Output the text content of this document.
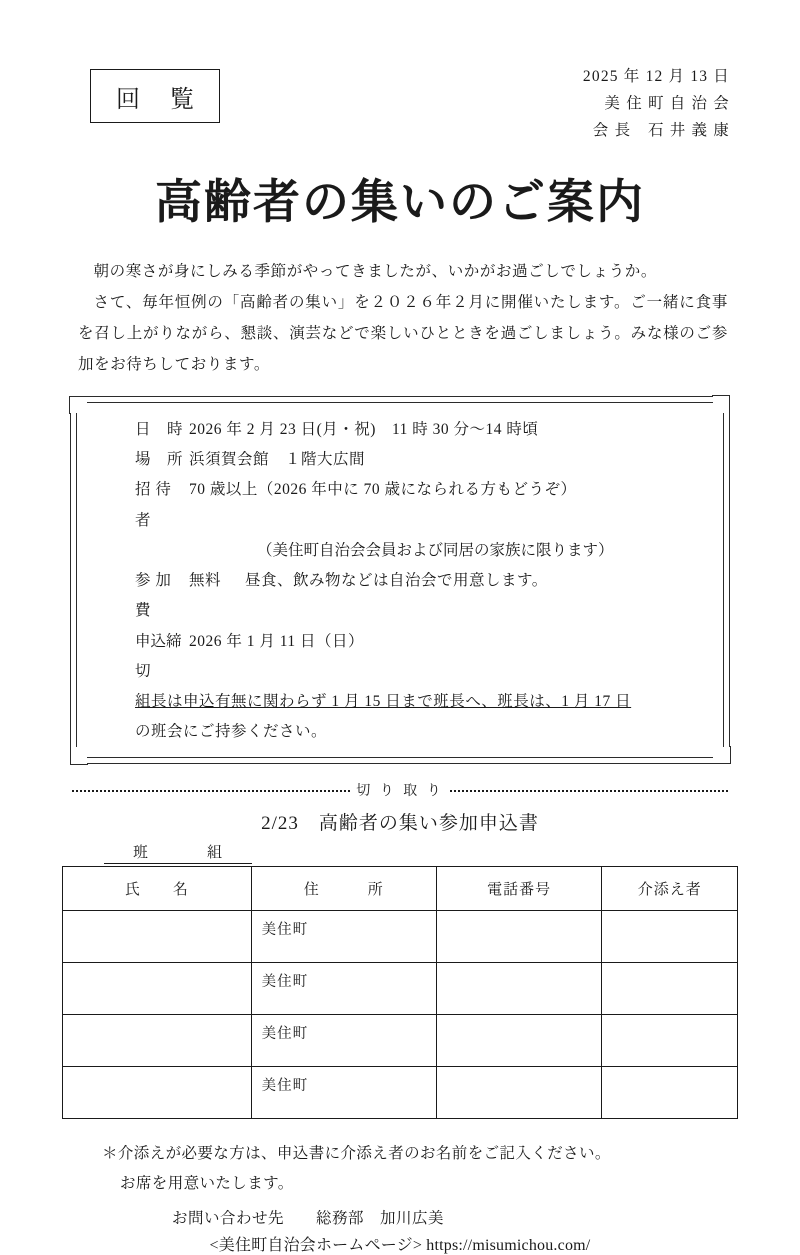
回 覧
2025 年 12 月 13 日
美 住 町 自 治 会
会 長　石 井 義 康
高齢者の集いのご案内

朝の寒さが身にしみる季節がやってきましたが、いかがお過ごしでしょうか。

さて、毎年恒例の「高齢者の集い」を２０２６年２月に開催いたします。ご一緒に食事を召し上がりながら、懇談、演芸などで楽しいひとときを過ごしましょう。みな様のご参加をお待ちしております。

日　時 2026 年 2 月 23 日(月・祝)　11 時 30 分〜14 時頃
場　所 浜須賀会館　１階大広間
招 待 者
70 歳以上（2026 年中に 70 歳になられる方もどうぞ）
（美住町自治会会員および同居の家族に限ります）
参 加 費
無料 昼食、飲み物などは自治会で用意します。
申込締切
2026 年 1 月 11 日（日）
組長は申込有無に関わらず 1 月 15 日まで班長へ、班長は、1 月 17 日
の班会にご持参ください。
切 り 取 り
2/23　高齢者の集い参加申込書
班	組
氏　　名	住　　　所	電話番号	介添え者
	美住町		
	美住町		
	美住町		
	美住町		
＊介添えが必要な方は、申込書に介添え者のお名前をご記入ください。
お席を用意いたします。
お問い合わせ先　　総務部　加川広美
<美住町自治会ホームページ> https://misumichou.com/
